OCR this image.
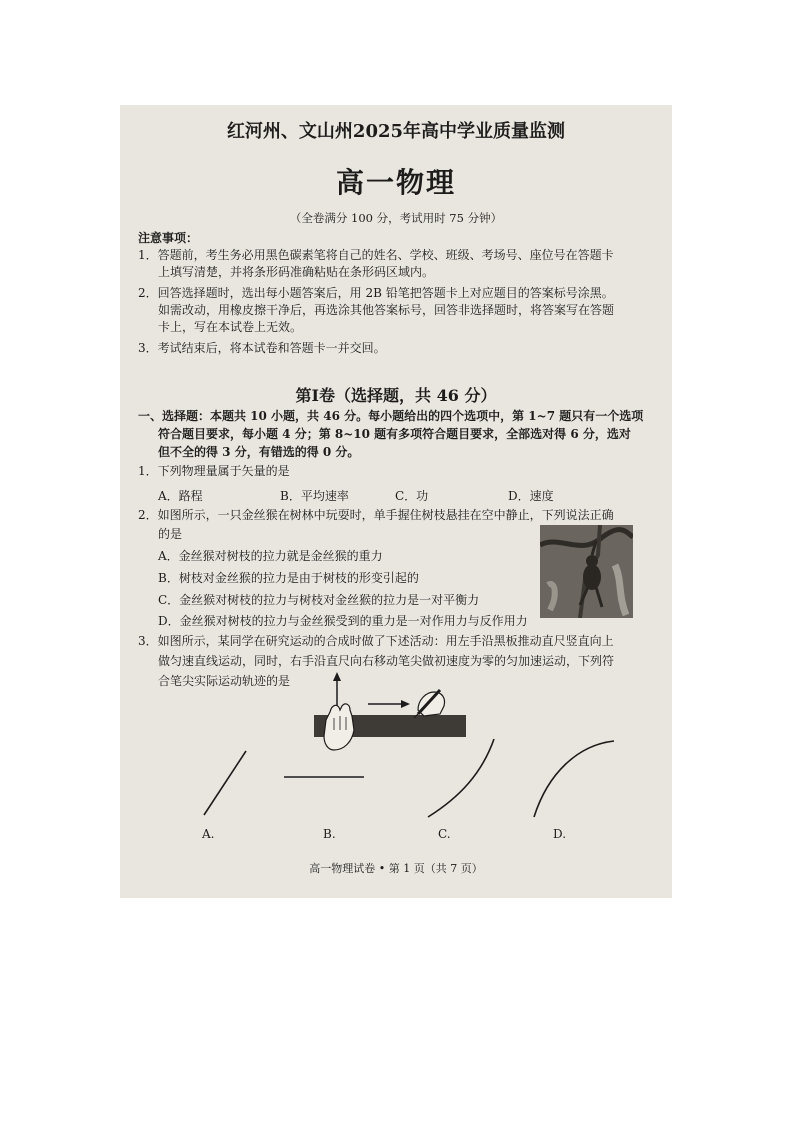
红河州、文山州2025年高中学业质量监测
高一物理
（全卷满分 100 分，考试用时 75 分钟）
注意事项：
1．答题前，考生务必用黑色碳素笔将自己的姓名、学校、班级、考场号、座位号在答题卡
上填写清楚，并将条形码准确粘贴在条形码区域内。
2．回答选择题时，选出每小题答案后，用 2B 铅笔把答题卡上对应题目的答案标号涂黑。
如需改动，用橡皮擦干净后，再选涂其他答案标号，回答非选择题时，将答案写在答题
卡上，写在本试卷上无效。
3．考试结束后，将本试卷和答题卡一并交回。
第Ⅰ卷（选择题，共 46 分）
一、选择题：本题共 10 小题，共 46 分。每小题给出的四个选项中，第 1~7 题只有一个选项
符合题目要求，每小题 4 分；第 8~10 题有多项符合题目要求，全部选对得 6 分，选对
但不全的得 3 分，有错选的得 0 分。
1．下列物理量属于矢量的是
A．路程	B．平均速率	C．功	D．速度
2．如图所示，一只金丝猴在树林中玩耍时，单手握住树枝悬挂在空中静止，下列说法正确
的是
A．金丝猴对树枝的拉力就是金丝猴的重力
B．树枝对金丝猴的拉力是由于树枝的形变引起的
C．金丝猴对树枝的拉力与树枝对金丝猴的拉力是一对平衡力
D．金丝猴对树枝的拉力与金丝猴受到的重力是一对作用力与反作用力
3．如图所示，某同学在研究运动的合成时做了下述活动：用左手沿黑板推动直尺竖直向上
做匀速直线运动，同时，右手沿直尺向右移动笔尖做初速度为零的匀加速运动，下列符
合笔尖实际运动轨迹的是
A.	B.	C.	D.
高一物理试卷 • 第 1 页（共 7 页）
